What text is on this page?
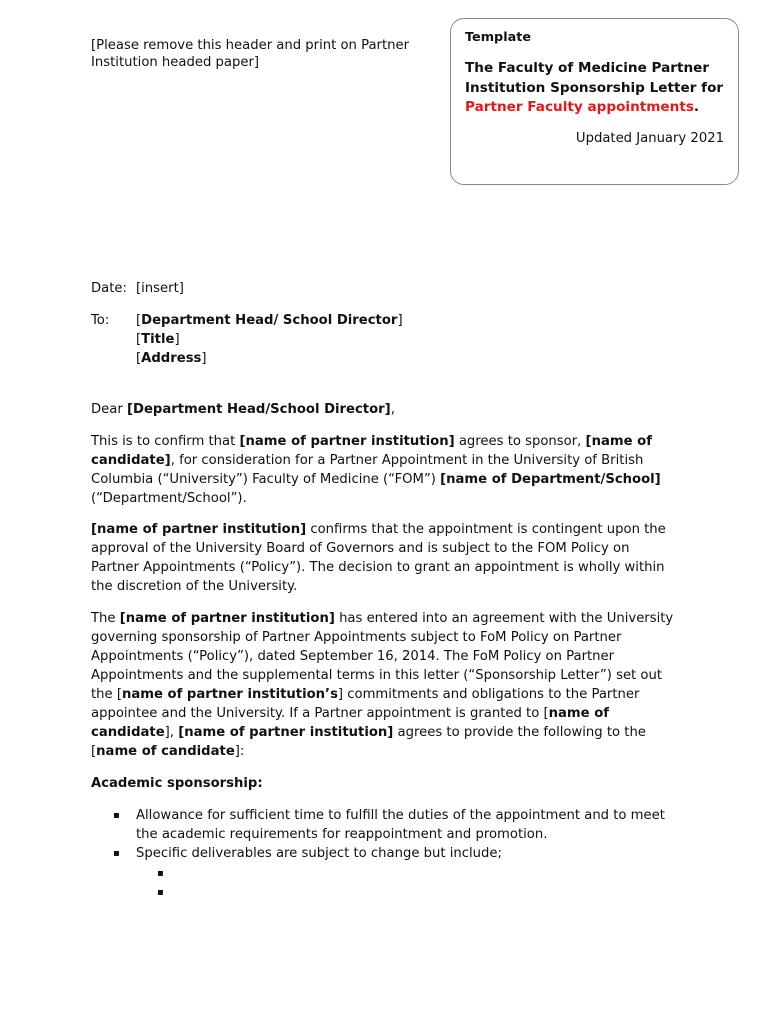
[Please remove this header and print on Partner Institution headed paper]
Template
The Faculty of Medicine Partner Institution Sponsorship Letter for Partner Faculty appointments.
Updated January 2021
Date: [insert]
To: [Department Head/ School Director]
[Title]
[Address]
Dear [Department Head/School Director],
This is to confirm that [name of partner institution] agrees to sponsor, [name of candidate], for consideration for a Partner Appointment in the University of British Columbia (“University”) Faculty of Medicine (“FOM”) [name of Department/School] (“Department/School”).
[name of partner institution] confirms that the appointment is contingent upon the approval of the University Board of Governors and is subject to the FOM Policy on Partner Appointments (“Policy”). The decision to grant an appointment is wholly within the discretion of the University.
The [name of partner institution] has entered into an agreement with the University governing sponsorship of Partner Appointments subject to FoM Policy on Partner Appointments (“Policy”), dated September 16, 2014. The FoM Policy on Partner Appointments and the supplemental terms in this letter (“Sponsorship Letter”) set out the [name of partner institution’s] commitments and obligations to the Partner appointee and the University. If a Partner appointment is granted to [name of candidate], [name of partner institution] agrees to provide the following to the [name of candidate]:
Academic sponsorship:
▪ Allowance for sufficient time to fulfill the duties of the appointment and to meet the academic requirements for reappointment and promotion.
▪ Specific deliverables are subject to change but include;
▪
▪
